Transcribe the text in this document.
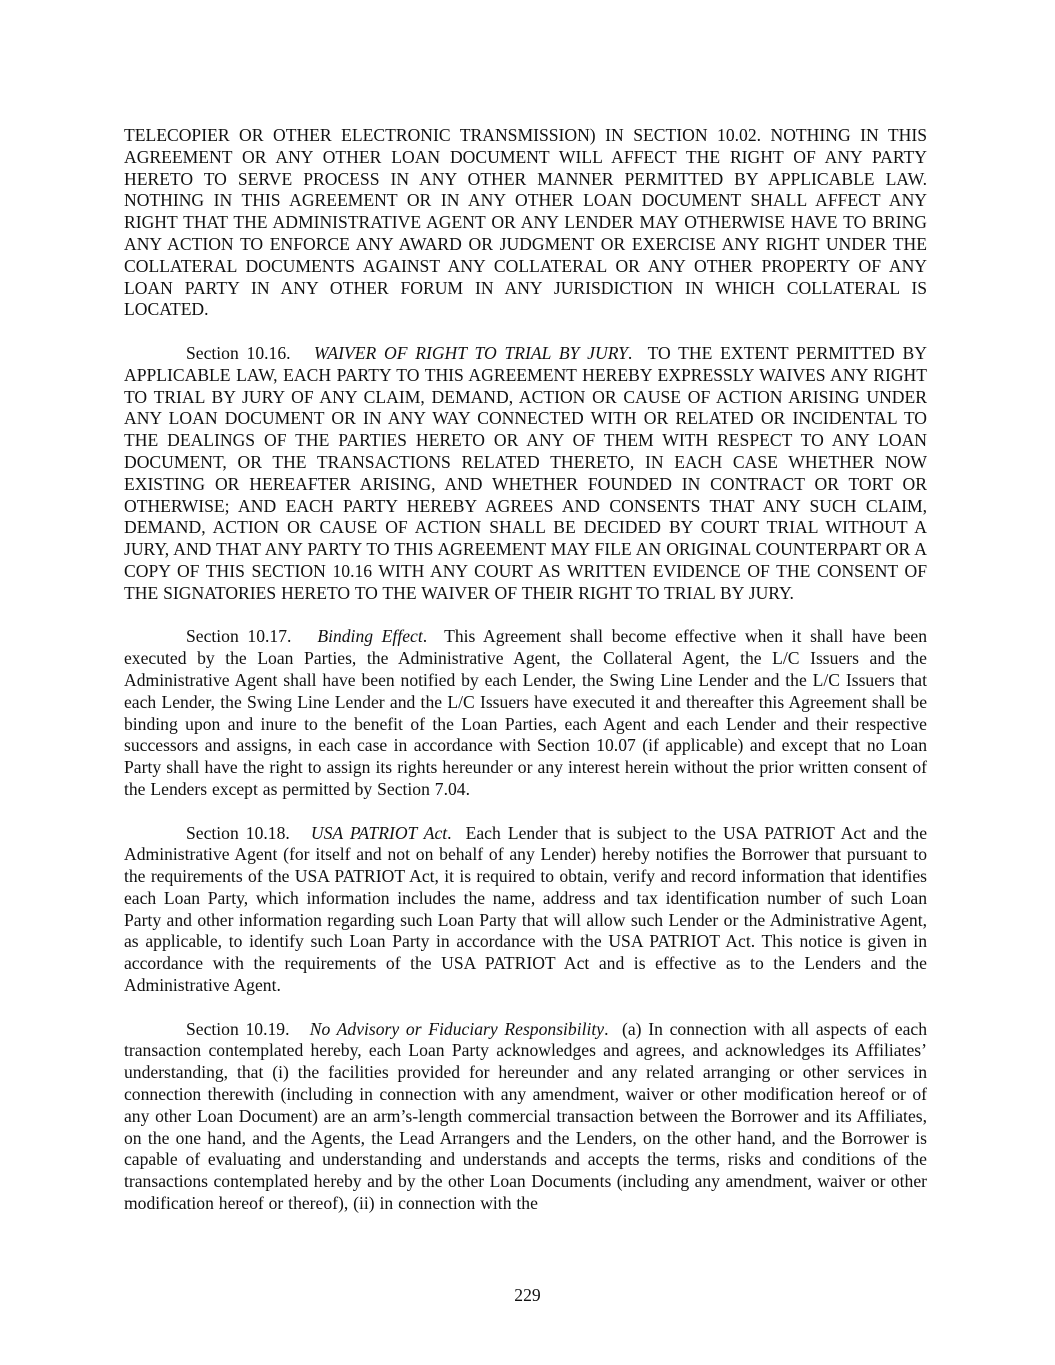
TELECOPIER OR OTHER ELECTRONIC TRANSMISSION) IN SECTION 10.02. NOTHING IN THIS AGREEMENT OR ANY OTHER LOAN DOCUMENT WILL AFFECT THE RIGHT OF ANY PARTY HERETO TO SERVE PROCESS IN ANY OTHER MANNER PERMITTED BY APPLICABLE LAW. NOTHING IN THIS AGREEMENT OR IN ANY OTHER LOAN DOCUMENT SHALL AFFECT ANY RIGHT THAT THE ADMINISTRATIVE AGENT OR ANY LENDER MAY OTHERWISE HAVE TO BRING ANY ACTION TO ENFORCE ANY AWARD OR JUDGMENT OR EXERCISE ANY RIGHT UNDER THE COLLATERAL DOCUMENTS AGAINST ANY COLLATERAL OR ANY OTHER PROPERTY OF ANY LOAN PARTY IN ANY OTHER FORUM IN ANY JURISDICTION IN WHICH COLLATERAL IS LOCATED.

Section 10.16. WAIVER OF RIGHT TO TRIAL BY JURY.  TO THE EXTENT PERMITTED BY APPLICABLE LAW, EACH PARTY TO THIS AGREEMENT HEREBY EXPRESSLY WAIVES ANY RIGHT TO TRIAL BY JURY OF ANY CLAIM, DEMAND, ACTION OR CAUSE OF ACTION ARISING UNDER ANY LOAN DOCUMENT OR IN ANY WAY CONNECTED WITH OR RELATED OR INCIDENTAL TO THE DEALINGS OF THE PARTIES HERETO OR ANY OF THEM WITH RESPECT TO ANY LOAN DOCUMENT, OR THE TRANSACTIONS RELATED THERETO, IN EACH CASE WHETHER NOW EXISTING OR HEREAFTER ARISING, AND WHETHER FOUNDED IN CONTRACT OR TORT OR OTHERWISE; AND EACH PARTY HEREBY AGREES AND CONSENTS THAT ANY SUCH CLAIM, DEMAND, ACTION OR CAUSE OF ACTION SHALL BE DECIDED BY COURT TRIAL WITHOUT A JURY, AND THAT ANY PARTY TO THIS AGREEMENT MAY FILE AN ORIGINAL COUNTERPART OR A COPY OF THIS SECTION 10.16 WITH ANY COURT AS WRITTEN EVIDENCE OF THE CONSENT OF THE SIGNATORIES HERETO TO THE WAIVER OF THEIR RIGHT TO TRIAL BY JURY.

Section 10.17. Binding Effect.  This Agreement shall become effective when it shall have been executed by the Loan Parties, the Administrative Agent, the Collateral Agent, the L/C Issuers and the Administrative Agent shall have been notified by each Lender, the Swing Line Lender and the L/C Issuers that each Lender, the Swing Line Lender and the L/C Issuers have executed it and thereafter this Agreement shall be binding upon and inure to the benefit of the Loan Parties, each Agent and each Lender and their respective successors and assigns, in each case in accordance with Section 10.07 (if applicable) and except that no Loan Party shall have the right to assign its rights hereunder or any interest herein without the prior written consent of the Lenders except as permitted by Section 7.04.

Section 10.18. USA PATRIOT Act.  Each Lender that is subject to the USA PATRIOT Act and the Administrative Agent (for itself and not on behalf of any Lender) hereby notifies the Borrower that pursuant to the requirements of the USA PATRIOT Act, it is required to obtain, verify and record information that identifies each Loan Party, which information includes the name, address and tax identification number of such Loan Party and other information regarding such Loan Party that will allow such Lender or the Administrative Agent, as applicable, to identify such Loan Party in accordance with the USA PATRIOT Act. This notice is given in accordance with the requirements of the USA PATRIOT Act and is effective as to the Lenders and the Administrative Agent.

Section 10.19. No Advisory or Fiduciary Responsibility.  (a) In connection with all aspects of each transaction contemplated hereby, each Loan Party acknowledges and agrees, and acknowledges its Affiliates’ understanding, that (i) the facilities provided for hereunder and any related arranging or other services in connection therewith (including in connection with any amendment, waiver or other modification hereof or of any other Loan Document) are an arm’s-length commercial transaction between the Borrower and its Affiliates, on the one hand, and the Agents, the Lead Arrangers and the Lenders, on the other hand, and the Borrower is capable of evaluating and understanding and understands and accepts the terms, risks and conditions of the transactions contemplated hereby and by the other Loan Documents (including any amendment, waiver or other modification hereof or thereof), (ii) in connection with the

229
